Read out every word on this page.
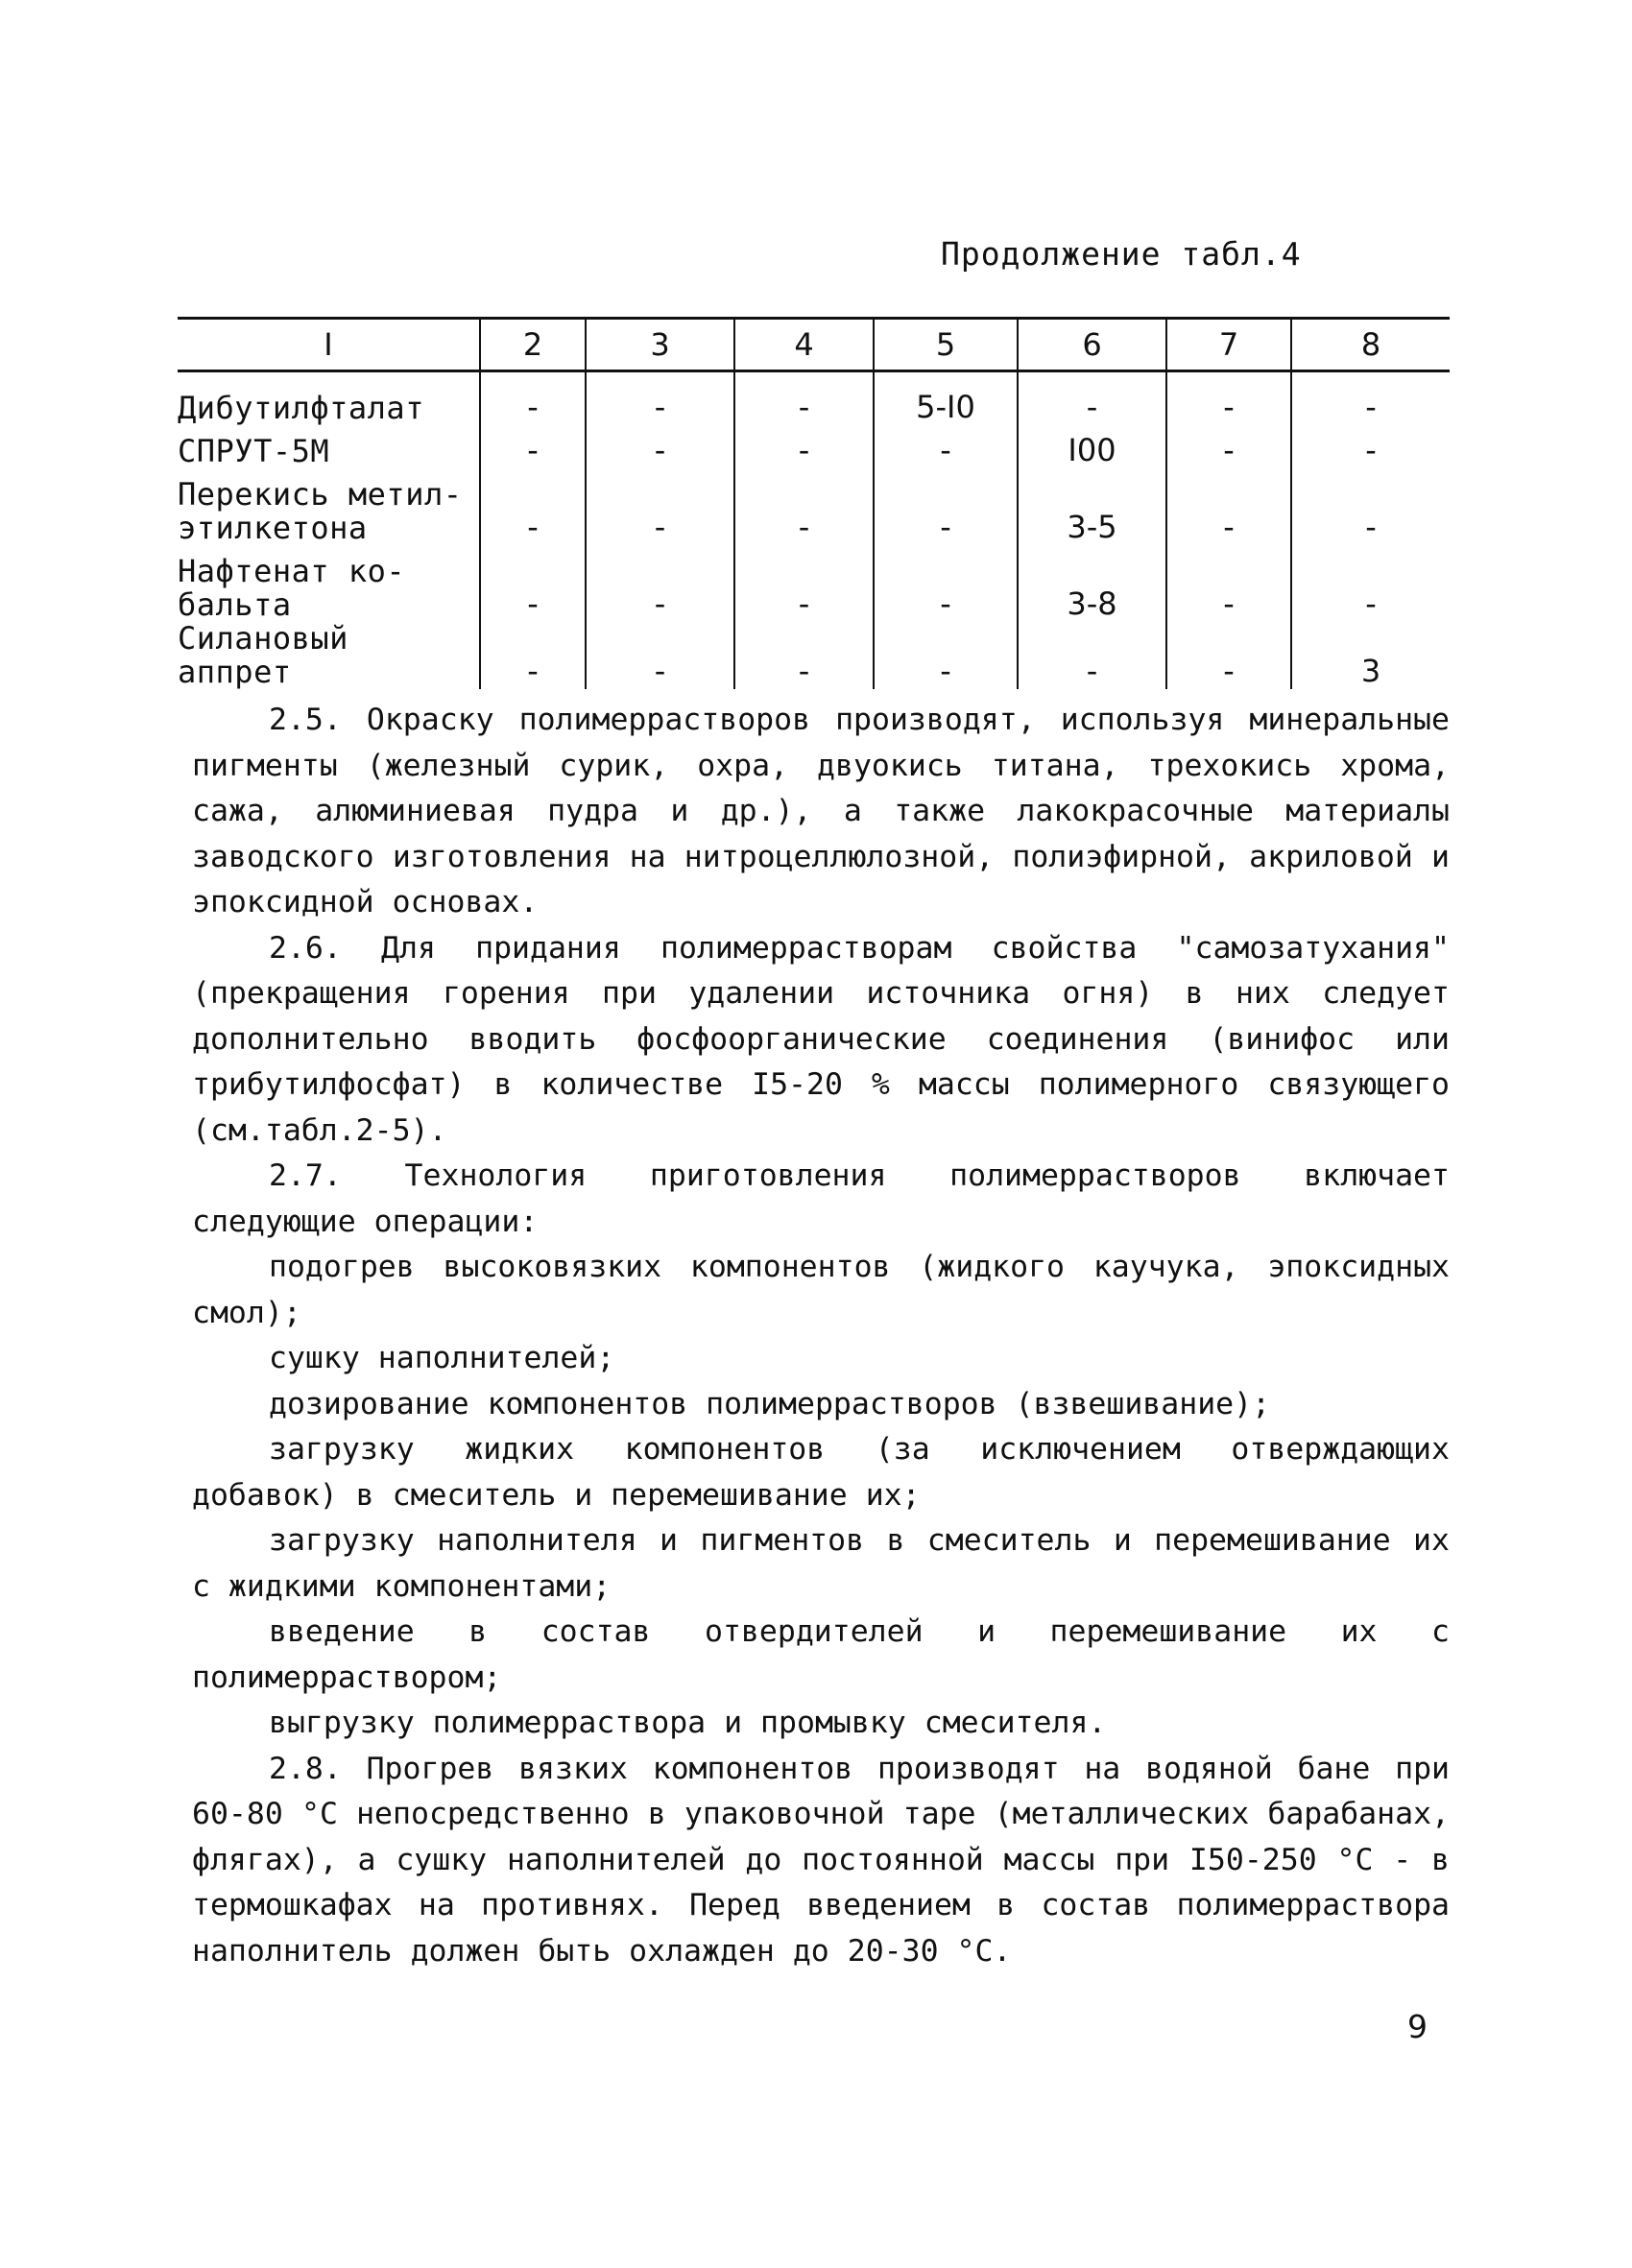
Продолжение табл.4
I	2	3	4	5	6	7	8
Дибутилфталат	-	-	-	5-I0	-	-	-
СПРУТ-5М	-	-	-	-	I00	-	-
Перекись метил-
этилкетона	-	-	-	-	3-5	-	-
Нафтенат ко-
бальта	-	-	-	-	3-8	-	-
Силановый аппрет	-	-	-	-	-	-	3

2.5. Окраску полимеррастворов производят, используя минеральные пигменты (железный сурик, охра, двуокись титана, трехокись хрома, сажа, алюминиевая пудра и др.), а также лакокрасочные материалы заводского изготовления на нитроцеллюлозной, полиэфирной, акриловой и эпоксидной основах.

2.6. Для придания полимеррастворам свойства "самозатухания" (прекращения горения при удалении источника огня) в них следует дополнительно вводить фосфоорганические соединения (винифос или трибутилфосфат) в количестве I5-20 % массы полимерного связующего (см.табл.2-5).

2.7. Технология приготовления полимеррастворов включает следующие операции:

подогрев высоковязких компонентов (жидкого каучука, эпоксидных смол);

сушку наполнителей;

дозирование компонентов полимеррастворов (взвешивание);

загрузку жидких компонентов (за исключением отверждающих добавок) в смеситель и перемешивание их;

загрузку наполнителя и пигментов в смеситель и перемешивание их с жидкими компонентами;

введение в состав отвердителей и перемешивание их с полимерраствором;

выгрузку полимерраствора и промывку смесителя.

2.8. Прогрев вязких компонентов производят на водяной бане при 60-80 °С непосредственно в упаковочной таре (металлических барабанах, флягах), а сушку наполнителей до постоянной массы при I50-250 °С - в термошкафах на противнях. Перед введением в состав полимерраствора наполнитель должен быть охлажден до 20-30 °С.

9
